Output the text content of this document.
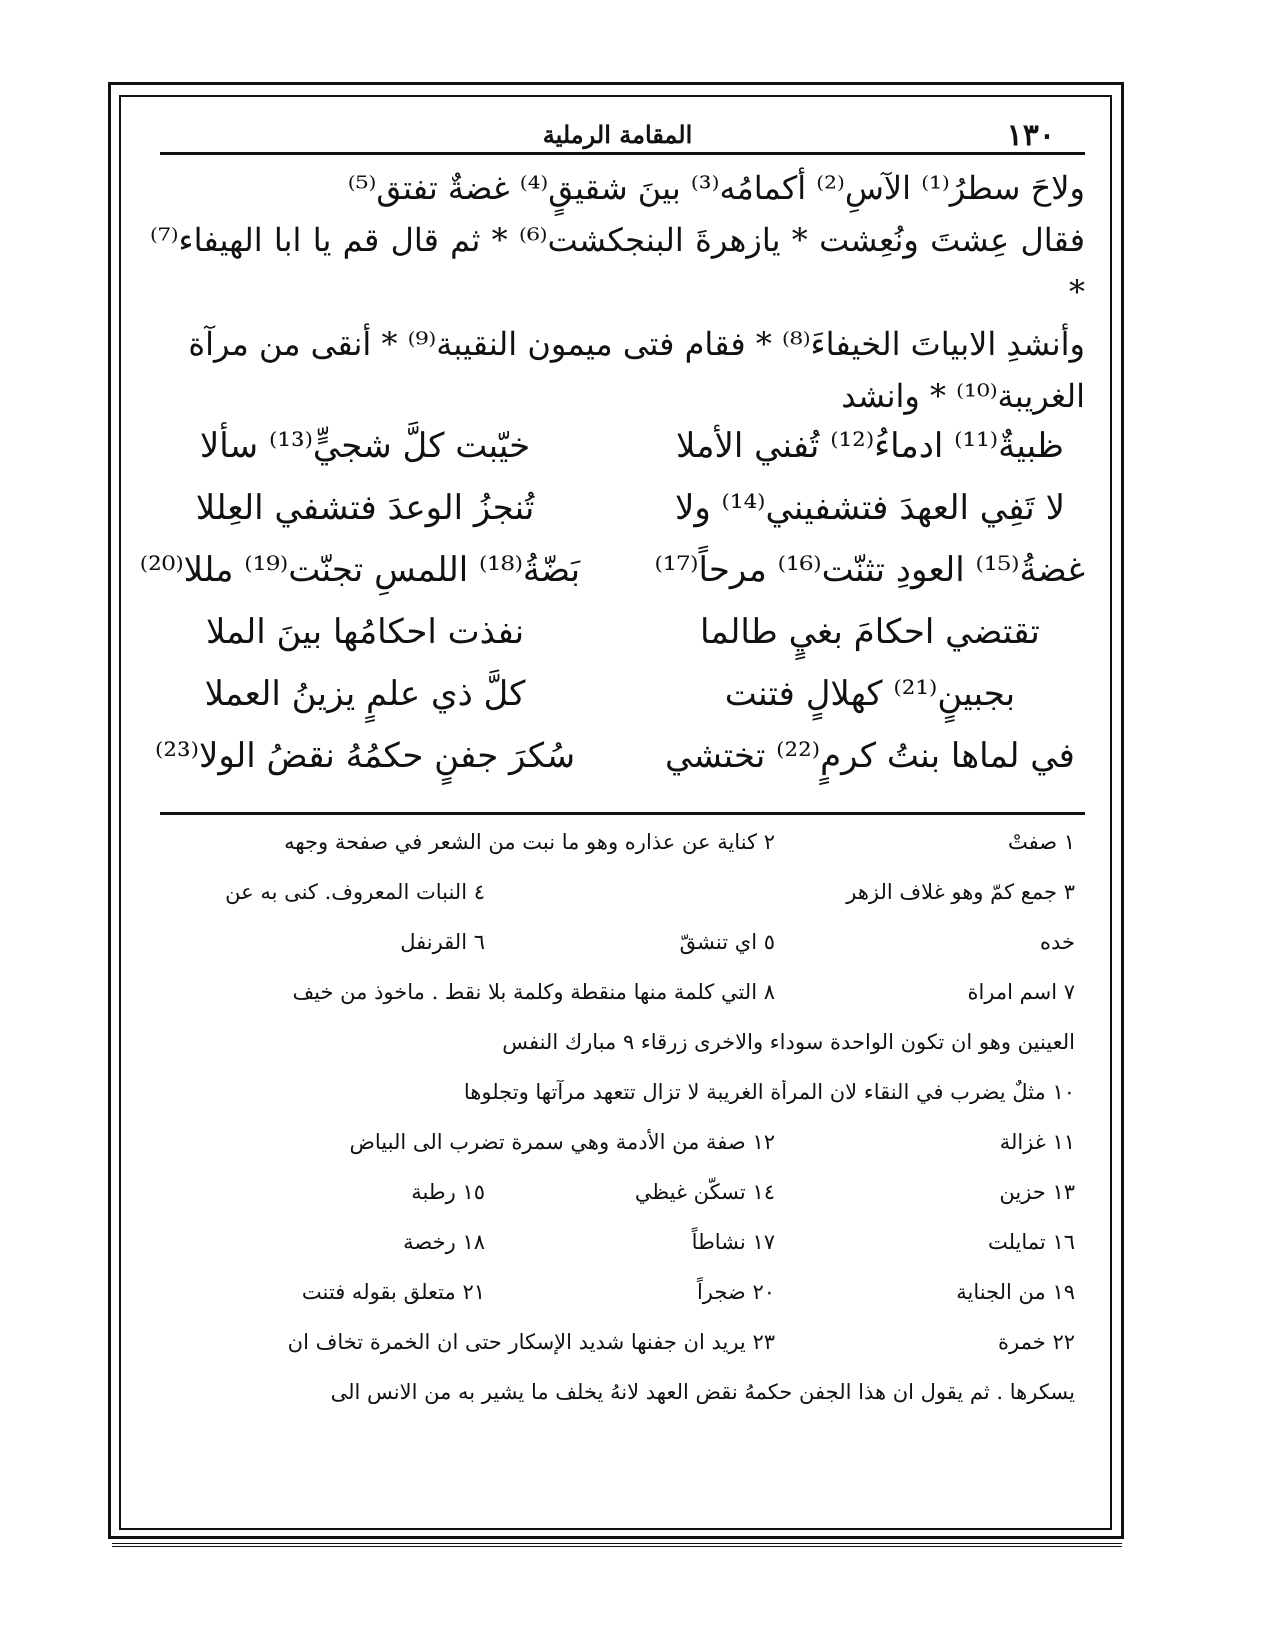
١٣٠
المقامة الرملية

ولاحَ سطرُ⁽¹⁾ الآسِ⁽²⁾ أكمامُه⁽³⁾ بينَ شقيقٍ⁽⁴⁾ غضةٌ تفتق⁽⁵⁾

فقال عِشتَ ونُعِشت * يازهرةَ البنجكشت⁽⁶⁾ * ثم قال قم يا ابا الهيفاء⁽⁷⁾ *

وأنشدِ الابياتَ الخيفاءَ⁽⁸⁾ * فقام فتى ميمون النقيبة⁽⁹⁾ * أنقى من مرآة

الغريبة⁽¹⁰⁾ * وانشد

ظبيةٌ⁽¹¹⁾ ادماءُ⁽¹²⁾ تُفني الأملا
خيّبت كلَّ شجيٍّ⁽¹³⁾ سألا
لا تَفِي العهدَ فتشفيني⁽¹⁴⁾ ولا
تُنجزُ الوعدَ فتشفي العِللا
غضةُ⁽¹⁵⁾ العودِ تثنّت⁽¹⁶⁾ مرحاً⁽¹⁷⁾
بَضّةُ⁽¹⁸⁾ اللمسِ تجنّت⁽¹⁹⁾ مللا⁽²⁰⁾
تقتضي احكامَ بغيٍ طالما
نفذت احكامُها بينَ الملا
بجبينٍ⁽²¹⁾ كهلالٍ فتنت
كلَّ ذي علمٍ يزينُ العملا
في لماها بنتُ كرمٍ⁽²²⁾ تختشي
سُكرَ جفنٍ حكمُهُ نقضُ الولا⁽²³⁾
١ صفتْ
٢ كناية عن عذاره وهو ما نبت من الشعر في صفحة وجهه
٣ جمع كمّ وهو غلاف الزهر
٤ النبات المعروف. كنى به عن
خده
٥ اي تنشقّ
٦ القرنفل
٧ اسم امراة
٨ التي كلمة منها منقطة وكلمة بلا نقط . ماخوذ من خيف
العينين وهو ان تكون الواحدة سوداء والاخرى زرقاء ٩ مبارك النفس
١٠ مثلٌ يضرب في النقاء لان المرأة الغريبة لا تزال تتعهد مرآتها وتجلوها
١١ غزالة
١٢ صفة من الأدمة وهي سمرة تضرب الى البياض
١٣ حزين
١٤ تسكّن غيظي
١٥ رطبة
١٦ تمايلت
١٧ نشاطاً
١٨ رخصة
١٩ من الجناية
٢٠ ضجراً
٢١ متعلق بقوله فتنت
٢٢ خمرة
٢٣ يريد ان جفنها شديد الإسكار حتى ان الخمرة تخاف ان
يسكرها . ثم يقول ان هذا الجفن حكمهُ نقض العهد لانهُ يخلف ما يشير به من الانس الى
